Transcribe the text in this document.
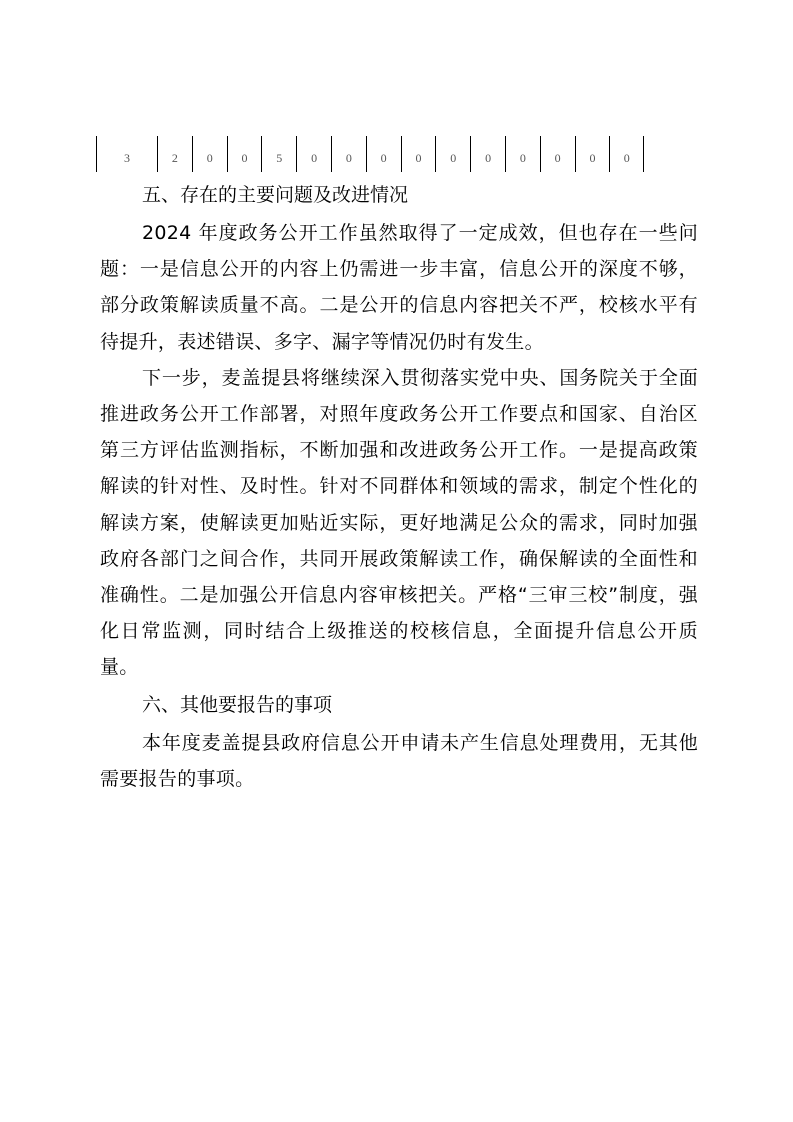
3	2	0	0	5	0	0	0	0	0	0	0	0	0	0
五、存在的主要问题及改进情况

2024 年度政务公开工作虽然取得了一定成效，但也存在一些问题：一是信息公开的内容上仍需进一步丰富，信息公开的深度不够，部分政策解读质量不高。二是公开的信息内容把关不严，校核水平有待提升，表述错误、多字、漏字等情况仍时有发生。

下一步，麦盖提县将继续深入贯彻落实党中央、国务院关于全面推进政务公开工作部署，对照年度政务公开工作要点和国家、自治区第三方评估监测指标，不断加强和改进政务公开工作。一是提高政策解读的针对性、及时性。针对不同群体和领域的需求，制定个性化的解读方案，使解读更加贴近实际，更好地满足公众的需求，同时加强政府各部门之间合作，共同开展政策解读工作，确保解读的全面性和准确性。二是加强公开信息内容审核把关。严格“三审三校”制度，强化日常监测，同时结合上级推送的校核信息，全面提升信息公开质量。

六、其他要报告的事项

本年度麦盖提县政府信息公开申请未产生信息处理费用，无其他需要报告的事项。
